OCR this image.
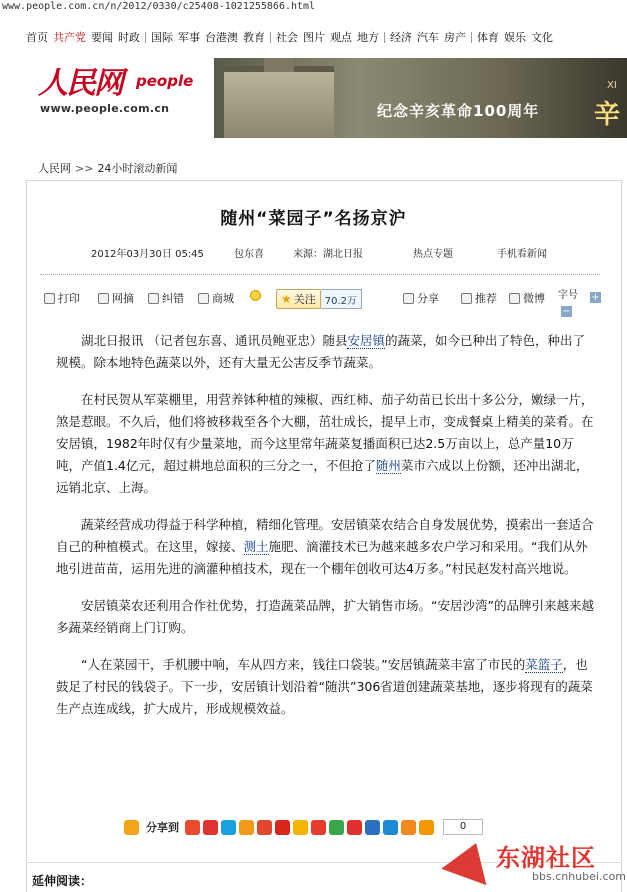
www.people.com.cn/n/2012/0330/c25408-1021255866.html
首页 共产党 要闻 时政 国际 军事 台港澳 教育 社会 图片 观点 地方 经济 汽车 房产 体育 娱乐 文化
人民网 people
www.people.com.cn	纪念辛亥革命100周年
XI
辛
人民网 >> 24小时滚动新闻
随州“菜园子”名扬京沪
2012年03月30日 05:45	包东喜	来源：湖北日报	热点专题	手机看新闻
打印	网摘	纠错	商城	★ 关注 70.2万	分享	推荐 微博 字号 +
−

湖北日报讯 （记者包东喜、通讯员鲍亚忠）随县安居镇的蔬菜，如今已种出了特色，种出了规模。除本地特色蔬菜以外，还有大量无公害反季节蔬菜。

在村民贺从军菜棚里，用营养钵种植的辣椒、西红柿、茄子幼苗已长出十多公分，嫩绿一片，煞是惹眼。不久后，他们将被移栽至各个大棚，茁壮成长，提早上市，变成餐桌上精美的菜肴。在安居镇，1982年时仅有少量菜地，而今这里常年蔬菜复播面积已达2.5万亩以上，总产量10万吨，产值1.4亿元，超过耕地总面积的三分之一，不但抢了随州菜市六成以上份额，还冲出湖北，远销北京、上海。

蔬菜经营成功得益于科学种植，精细化管理。安居镇菜农结合自身发展优势，摸索出一套适合自己的种植模式。在这里，嫁接、测土施肥、滴灌技术已为越来越多农户学习和采用。“我们从外地引进苗苗，运用先进的滴灌种植技术，现在一个棚年创收可达4万多。”村民赵发村高兴地说。

安居镇菜农还利用合作社优势，打造蔬菜品牌，扩大销售市场。“安居沙湾”的品牌引来越来越多蔬菜经销商上门订购。

“人在菜园干，手机腰中响，车从四方来，钱往口袋装。”安居镇蔬菜丰富了市民的菜篮子，也鼓足了村民的钱袋子。下一步，安居镇计划沿着“随洪”306省道创建蔬菜基地，逐步将现有的蔬菜生产点连成线，扩大成片，形成规模效益。

分享到	0
延伸阅读：
东湖社区
bbs.cnhubei.com
